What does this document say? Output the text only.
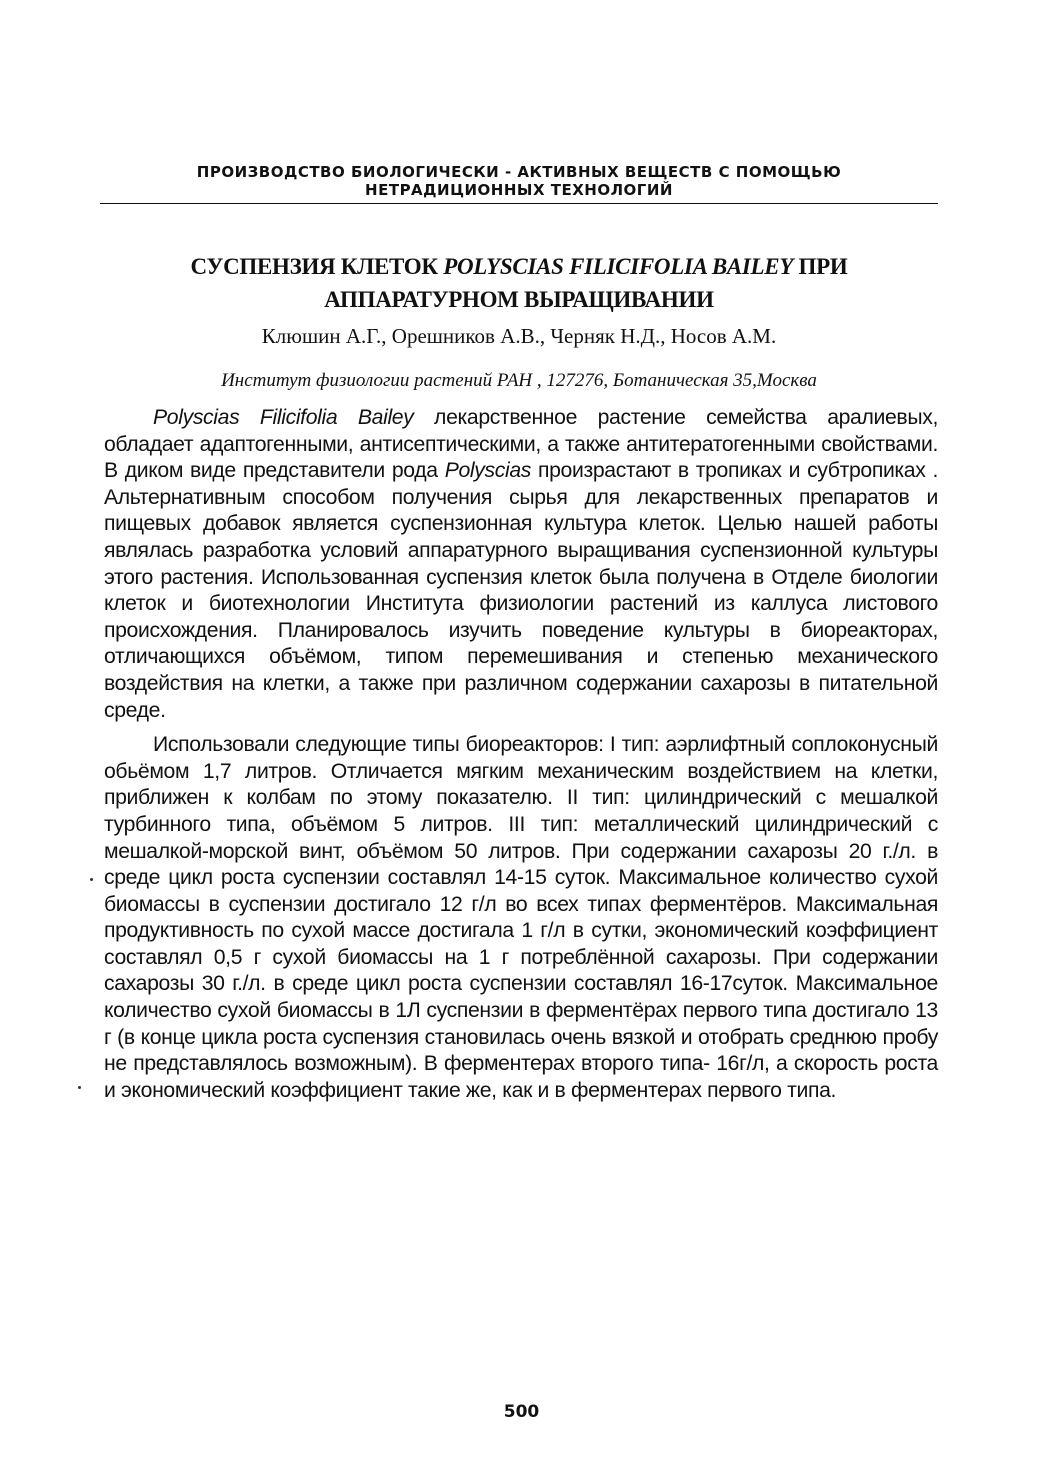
ПРОИЗВОДСТВО БИОЛОГИЧЕСКИ - АКТИВНЫХ ВЕЩЕСТВ С ПОМОЩЬЮ
НЕТРАДИЦИОННЫХ ТЕХНОЛОГИЙ
СУСПЕНЗИЯ КЛЕТОК POLYSCIAS FILICIFOLIA BAILEY ПРИ
АППАРАТУРНОМ ВЫРАЩИВАНИИ
Клюшин А.Г., Орешников А.В., Черняк Н.Д., Носов А.М.
Институт физиологии растений РАН , 127276, Ботаническая 35,Москва

Polyscias Filicifolia Bailey лекарственное растение семейства аралиевых, обладает адаптогенными, антисептическими, а также антитератогенными свойствами. В диком виде представители рода Polyscias произрастают в тропиках и субтропиках . Альтернативным способом получения сырья для лекарственных препаратов и пищевых добавок является суспензионная культура клеток. Целью нашей работы являлась разработка условий аппаратурного выращивания суспензионной культуры этого растения. Использованная суспензия клеток была получена в Отделе биологии клеток и биотехнологии Института физиологии растений из каллуса листового происхождения. Планировалось изучить поведение культуры в биореакторах, отличающихся объёмом, типом перемешивания и степенью механического воздействия на клетки, а также при различном содержании сахарозы в питательной среде.

Использовали следующие типы биореакторов: I тип: аэрлифтный соплоконусный обьёмом 1,7 литров. Отличается мягким механическим воздействием на клетки, приближен к колбам по этому показателю. II тип: цилиндрический с мешалкой турбинного типа, объёмом 5 литров. III тип: металлический цилиндрический с мешалкой-морской винт, объёмом 50 литров. При содержании сахарозы 20 г./л. в среде цикл роста суспензии составлял 14-15 суток. Максимальное количество сухой биомассы в суспензии достигало 12 г/л во всех типах ферментёров. Максимальная продуктивность по сухой массе достигала 1 г/л в сутки, экономический коэффициент составлял 0,5 г сухой биомассы на 1 г потреблённой сахарозы. При содержании сахарозы 30 г./л. в среде цикл роста суспензии составлял 16-17суток. Максимальное количество сухой биомассы в 1Л суспензии в ферментёрах первого типа достигало 13 г (в конце цикла роста суспензия становилась очень вязкой и отобрать среднюю пробу не представлялось возможным). В ферментерах второго типа- 16г/л, а скорость роста и экономический коэффициент такие же, как и в ферментерах первого типа.

500
